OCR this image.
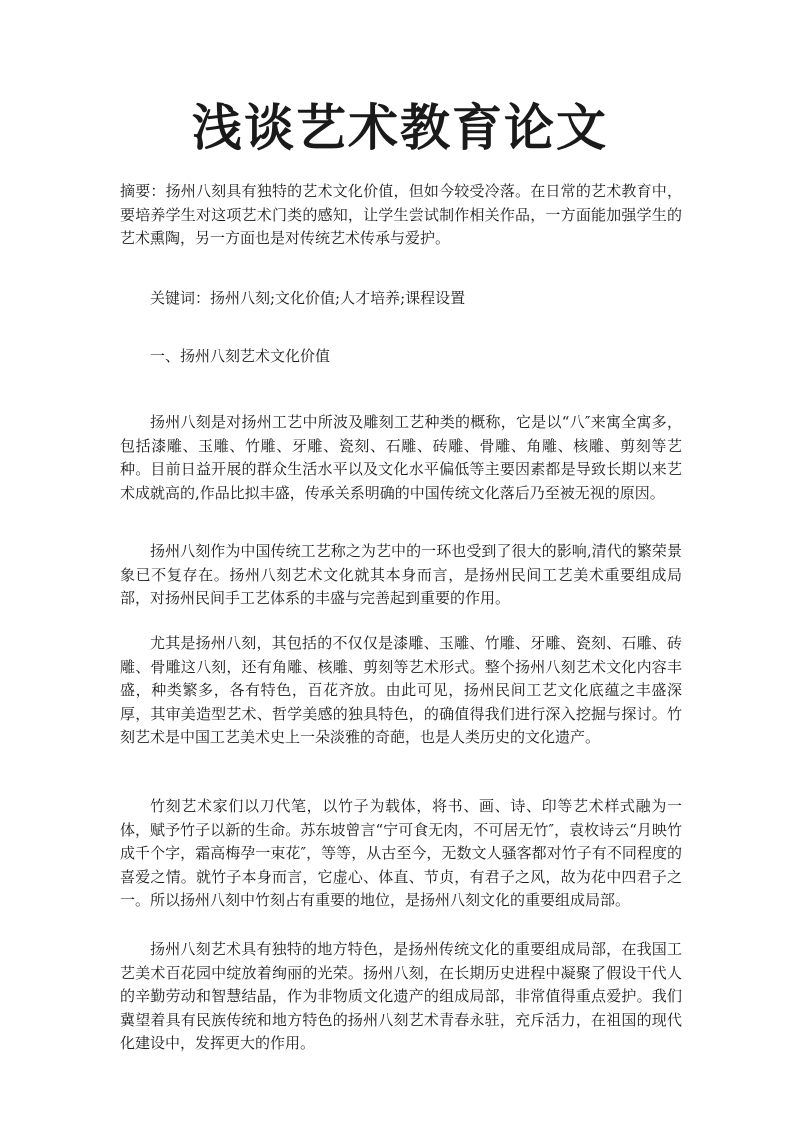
浅谈艺术教育论文

摘要：扬州八刻具有独特的艺术文化价值，但如今较受冷落。在日常的艺术教育中，要培养学生对这项艺术门类的感知，让学生尝试制作相关作品，一方面能加强学生的艺术熏陶，另一方面也是对传统艺术传承与爱护。

关键词：扬州八刻;文化价值;人才培养;课程设置

一、扬州八刻艺术文化价值

扬州八刻是对扬州工艺中所波及雕刻工艺种类的概称，它是以“八″来寓全寓多，包括漆雕、玉雕、竹雕、牙雕、瓷刻、石雕、砖雕、骨雕、角雕、核雕、剪刻等艺种。目前日益开展的群众生活水平以及文化水平偏低等主要因素都是导致长期以来艺术成就高的,作品比拟丰盛，传承关系明确的中国传统文化落后乃至被无视的原因。

扬州八刻作为中国传统工艺称之为艺中的一环也受到了很大的影响,清代的繁荣景象已不复存在。扬州八刻艺术文化就其本身而言，是扬州民间工艺美术重要组成局部，对扬州民间手工艺体系的丰盛与完善起到重要的作用。

尤其是扬州八刻，其包括的不仅仅是漆雕、玉雕、竹雕、牙雕、瓷刻、石雕、砖雕、骨雕这八刻，还有角雕、核雕、剪刻等艺术形式。整个扬州八刻艺术文化内容丰盛，种类繁多，各有特色，百花齐放。由此可见，扬州民间工艺文化底蕴之丰盛深厚，其审美造型艺术、哲学美感的独具特色，的确值得我们进行深入挖掘与探讨。竹刻艺术是中国工艺美术史上一朵淡雅的奇葩，也是人类历史的文化遗产。

竹刻艺术家们以刀代笔，以竹子为载体，将书、画、诗、印等艺术样式融为一体，赋予竹子以新的生命。苏东坡曾言“宁可食无肉，不可居无竹″，袁枚诗云“月映竹成千个字，霜高梅孕一束花″，等等，从古至今，无数文人骚客都对竹子有不同程度的喜爱之情。就竹子本身而言，它虚心、体直、节贞，有君子之风，故为花中四君子之一。所以扬州八刻中竹刻占有重要的地位，是扬州八刻文化的重要组成局部。

扬州八刻艺术具有独特的地方特色，是扬州传统文化的重要组成局部，在我国工艺美术百花园中绽放着绚丽的光荣。扬州八刻，在长期历史进程中凝聚了假设干代人的辛勤劳动和智慧结晶，作为非物质文化遗产的组成局部，非常值得重点爱护。我们冀望着具有民族传统和地方特色的扬州八刻艺术青春永驻，充斥活力，在祖国的现代化建设中，发挥更大的作用。
